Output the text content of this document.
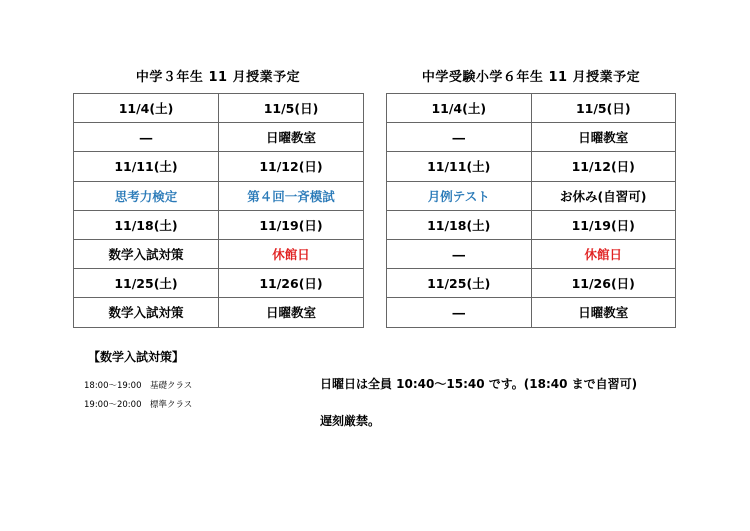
中学３年生 11 月授業予定	中学受験小学６年生 11 月授業予定
11/4(土)	11/5(日)
―	日曜教室
11/11(土)	11/12(日)
思考力検定	第４回一斉模試
11/18(土)	11/19(日)
数学入試対策	休館日
11/25(土)	11/26(日)
数学入試対策	日曜教室
11/4(土)	11/5(日)
―	日曜教室
11/11(土)	11/12(日)
月例テスト	お休み(自習可)
11/18(土)	11/19(日)
―	休館日
11/25(土)	11/26(日)
―	日曜教室
【数学入試対策】
18:00～19:00　基礎クラス
19:00～20:00　標準クラス
日曜日は全員 10:40～15:40 です。(18:40 まで自習可)
遅刻厳禁。
